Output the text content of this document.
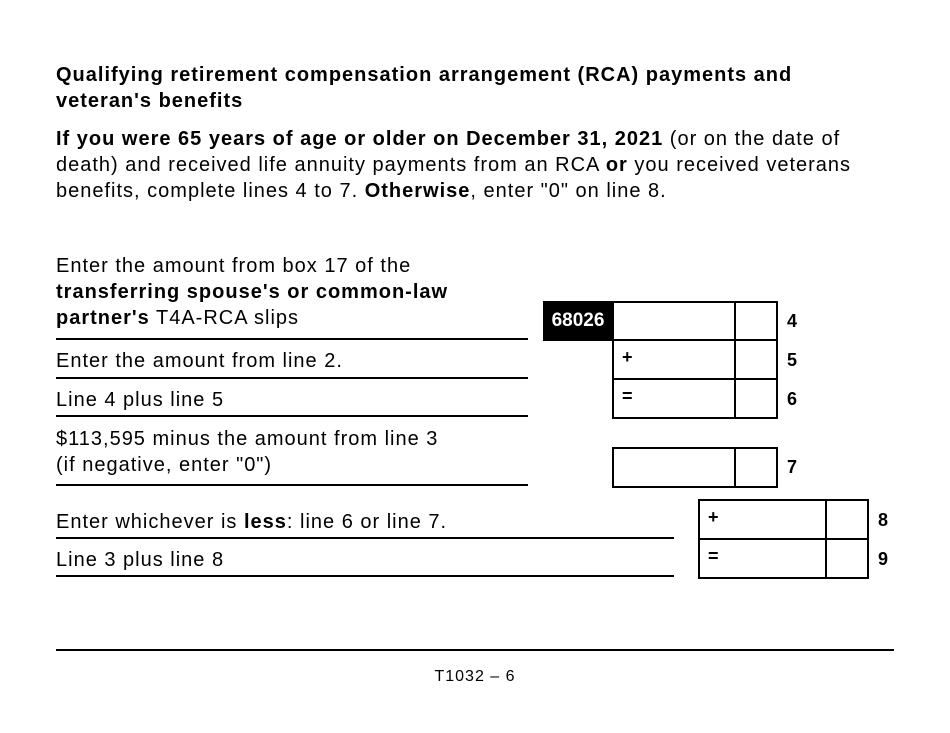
Qualifying retirement compensation arrangement (RCA) payments and veteran's benefits
If you were 65 years of age or older on December 31, 2021 (or on the date of death) and received life annuity payments from an RCA or you received veterans benefits, complete lines 4 to 7. Otherwise, enter "0" on line 8.
Enter the amount from box 17 of the
transferring spouse's or common-law partner's T4A-RCA slips	68026	4
Enter the amount from line 2.	+	5
Line 4 plus line 5	=	6
$113,595 minus the amount from line 3
(if negative, enter "0")	7
Enter whichever is less: line 6 or line 7.	+	8
Line 3 plus line 8	=	9
T1032 – 6
